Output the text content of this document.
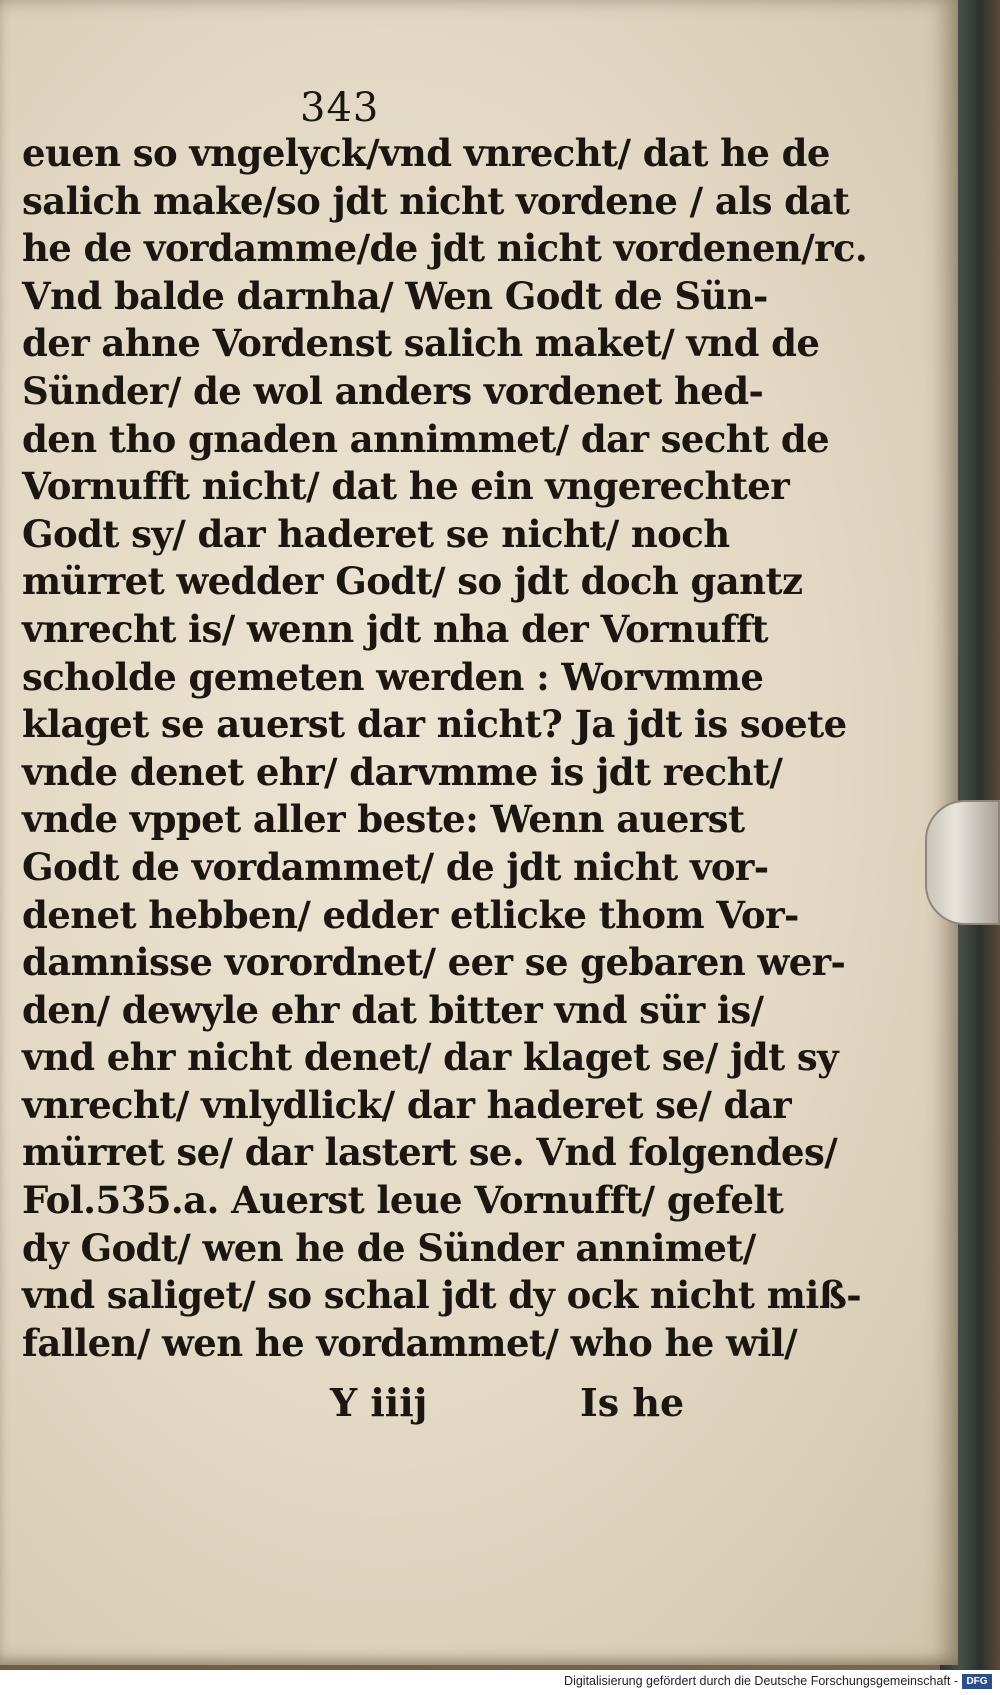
343
euen so vngelyck/vnd vnrecht/ dat he de
salich make/so jdt nicht vordene / als dat
he de vordamme/de jdt nicht vordenen/rc.
Vnd balde darnha/ Wen Godt de Sün-
der ahne Vordenst salich maket/ vnd de
Sünder/ de wol anders vordenet hed-
den tho gnaden annimmet/ dar secht de
Vornufft nicht/ dat he ein vngerechter
Godt sy/ dar haderet se nicht/ noch
mürret wedder Godt/ so jdt doch gantz
vnrecht is/ wenn jdt nha der Vornufft
scholde gemeten werden : Worvmme
klaget se auerst dar nicht? Ja jdt is soete
vnde denet ehr/ darvmme is jdt recht/
vnde vppet aller beste: Wenn auerst
Godt de vordammet/ de jdt nicht vor-
denet hebben/ edder etlicke thom Vor-
damnisse vorordnet/ eer se gebaren wer-
den/ dewyle ehr dat bitter vnd sür is/
vnd ehr nicht denet/ dar klaget se/ jdt sy
vnrecht/ vnlydlick/ dar haderet se/ dar
mürret se/ dar lastert se. Vnd folgendes/
Fol.535.a. Auerst leue Vornufft/ gefelt
dy Godt/ wen he de Sünder annimet/
vnd saliget/ so schal jdt dy ock nicht miß-
fallen/ wen he vordammet/ who he wil/
Y iiij	Is he
Digitalisierung gefördert durch die Deutsche Forschungsgemeinschaft - DFG
